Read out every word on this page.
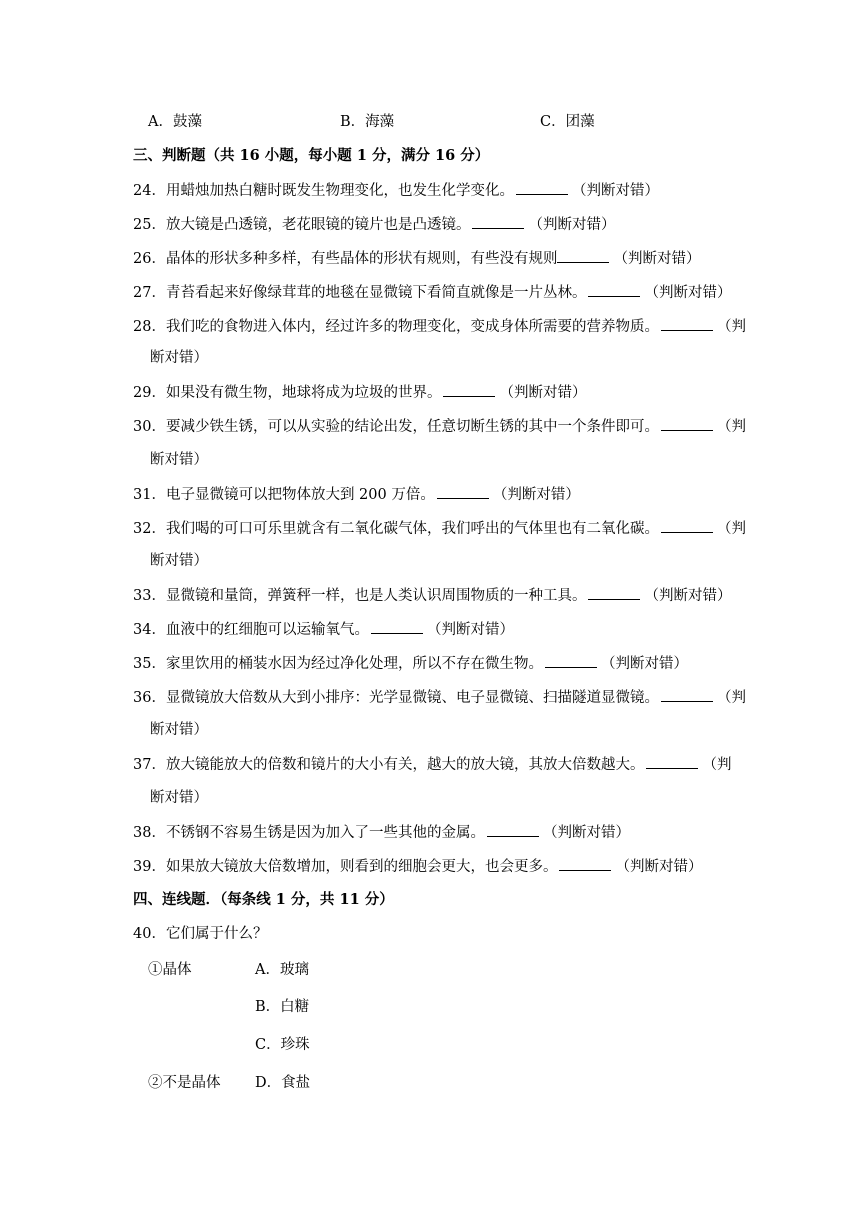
A．鼓藻	B．海藻	C．团藻
三、判断题（共 16 小题，每小题 1 分，满分 16 分）
24．用蜡烛加热白糖时既发生物理变化，也发生化学变化。	（判断对错）
25．放大镜是凸透镜，老花眼镜的镜片也是凸透镜。	（判断对错）
26．晶体的形状多种多样，有些晶体的形状有规则，有些没有规则	（判断对错）
27．青苔看起来好像绿茸茸的地毯在显微镜下看简直就像是一片丛林。	（判断对错）
28．我们吃的食物进入体内，经过许多的物理变化，变成身体所需要的营养物质。	（判
断对错）
29．如果没有微生物，地球将成为垃圾的世界。	（判断对错）
30．要减少铁生锈，可以从实验的结论出发，任意切断生锈的其中一个条件即可。	（判
断对错）
31．电子显微镜可以把物体放大到 200 万倍。	（判断对错）
32．我们喝的可口可乐里就含有二氧化碳气体，我们呼出的气体里也有二氧化碳。	（判
断对错）
33．显微镜和量筒，弹簧秤一样，也是人类认识周围物质的一种工具。	（判断对错）
34．血液中的红细胞可以运输氧气。	（判断对错）
35．家里饮用的桶装水因为经过净化处理，所以不存在微生物。	（判断对错）
36．显微镜放大倍数从大到小排序：光学显微镜、电子显微镜、扫描隧道显微镜。	（判
断对错）
37．放大镜能放大的倍数和镜片的大小有关，越大的放大镜，其放大倍数越大。	（判
断对错）
38．不锈钢不容易生锈是因为加入了一些其他的金属。	（判断对错）
39．如果放大镜放大倍数增加，则看到的细胞会更大，也会更多。	（判断对错）
四、连线题．（每条线 1 分，共 11 分）
40．它们属于什么？
①晶体	A．玻璃
B．白糖
C．珍珠
②不是晶体 D．食盐
